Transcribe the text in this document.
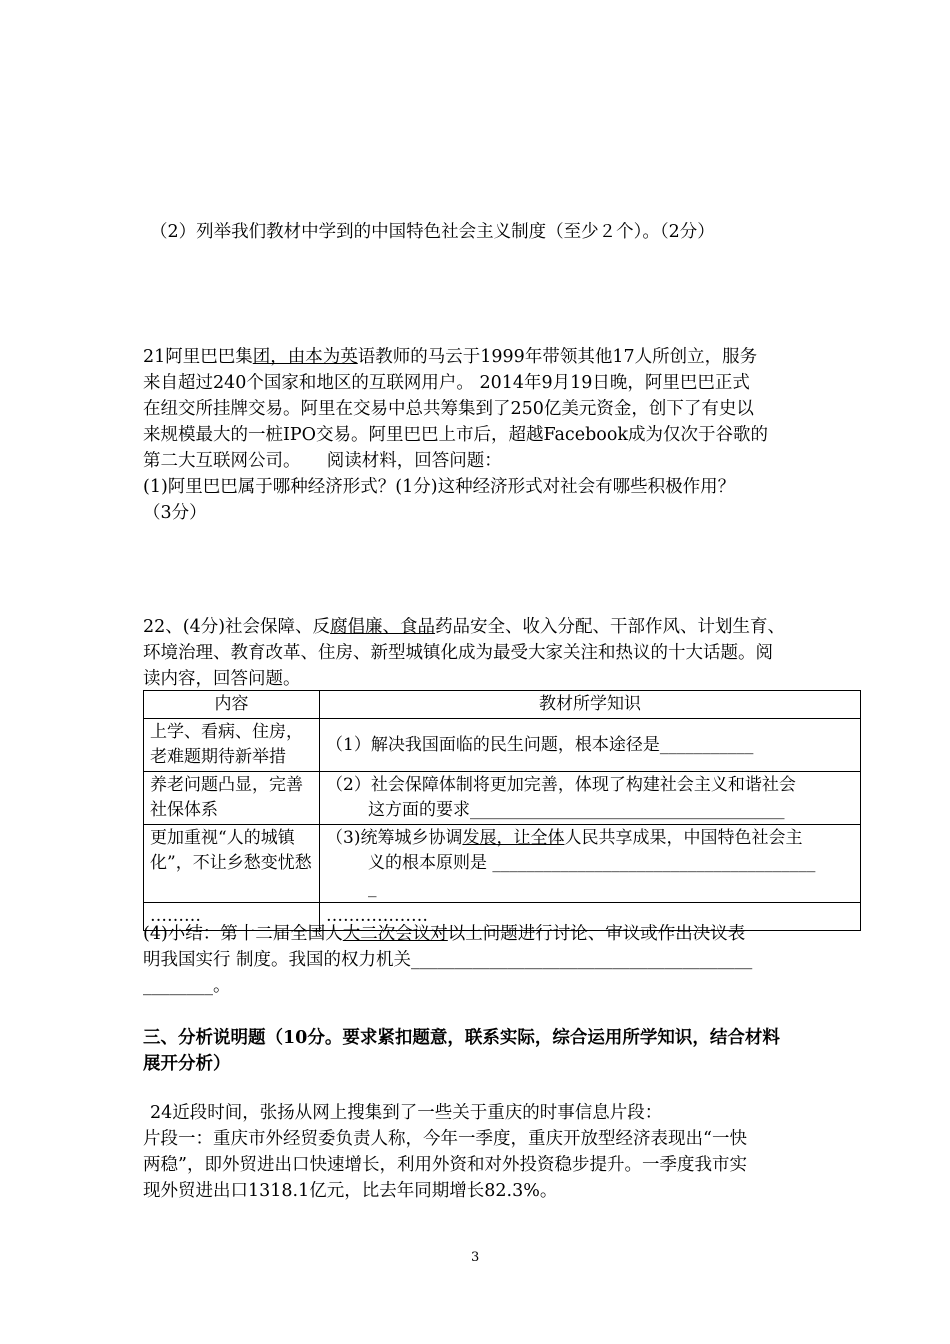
（2）列举我们教材中学到的中国特色社会主义制度（至少２个）。（2分）
21阿里巴巴集团，由本为英语教师的马云于1999年带领其他17人所创立，服务
来自超过240个国家和地区的互联网用户。 2014年9月19日晚，阿里巴巴正式
在纽交所挂牌交易。阿里在交易中总共筹集到了250亿美元资金，创下了有史以
来规模最大的一桩IPO交易。阿里巴巴上市后，超越Facebook成为仅次于谷歌的
第二大互联网公司。　　阅读材料，回答问题：
(1)阿里巴巴属于哪种经济形式？(1分)这种经济形式对社会有哪些积极作用？
（3分）
22、(4分)社会保障、反腐倡廉、食品药品安全、收入分配、干部作风、计划生育、
环境治理、教育改革、住房、新型城镇化成为最受大家关注和热议的十大话题。阅
读内容，回答问题。
内容	教材所学知识
上学、看病、住房，老难题期待新举措	（1）解决我国面临的民生问题，根本途径是___________
养老问题凸显，完善社保体系	（2）社会保障体制将更加完善，体现了构建社会主义和谐社会

这方面的要求_____________________________________

更加重视“人的城镇化”，不让乡愁变忧愁	（3)统筹城乡协调发展，让全体人民共享成果，中国特色社会主

义的根本原则是 ______________________________________
_

………	………………
(4)小结：第十二届全国人大二次会议对以上问题进行讨论、审议或作出决议表
明我国实行 制度。我国的权力机关_______________________________________
________。
三、分析说明题（10分。要求紧扣题意，联系实际，综合运用所学知识，结合材料
展开分析）
24近段时间，张扬从网上搜集到了一些关于重庆的时事信息片段：
片段一：重庆市外经贸委负责人称，今年一季度，重庆开放型经济表现出“一快
两稳”，即外贸进出口快速增长，利用外资和对外投资稳步提升。一季度我市实
现外贸进出口1318.1亿元，比去年同期增长82.3%。
3
